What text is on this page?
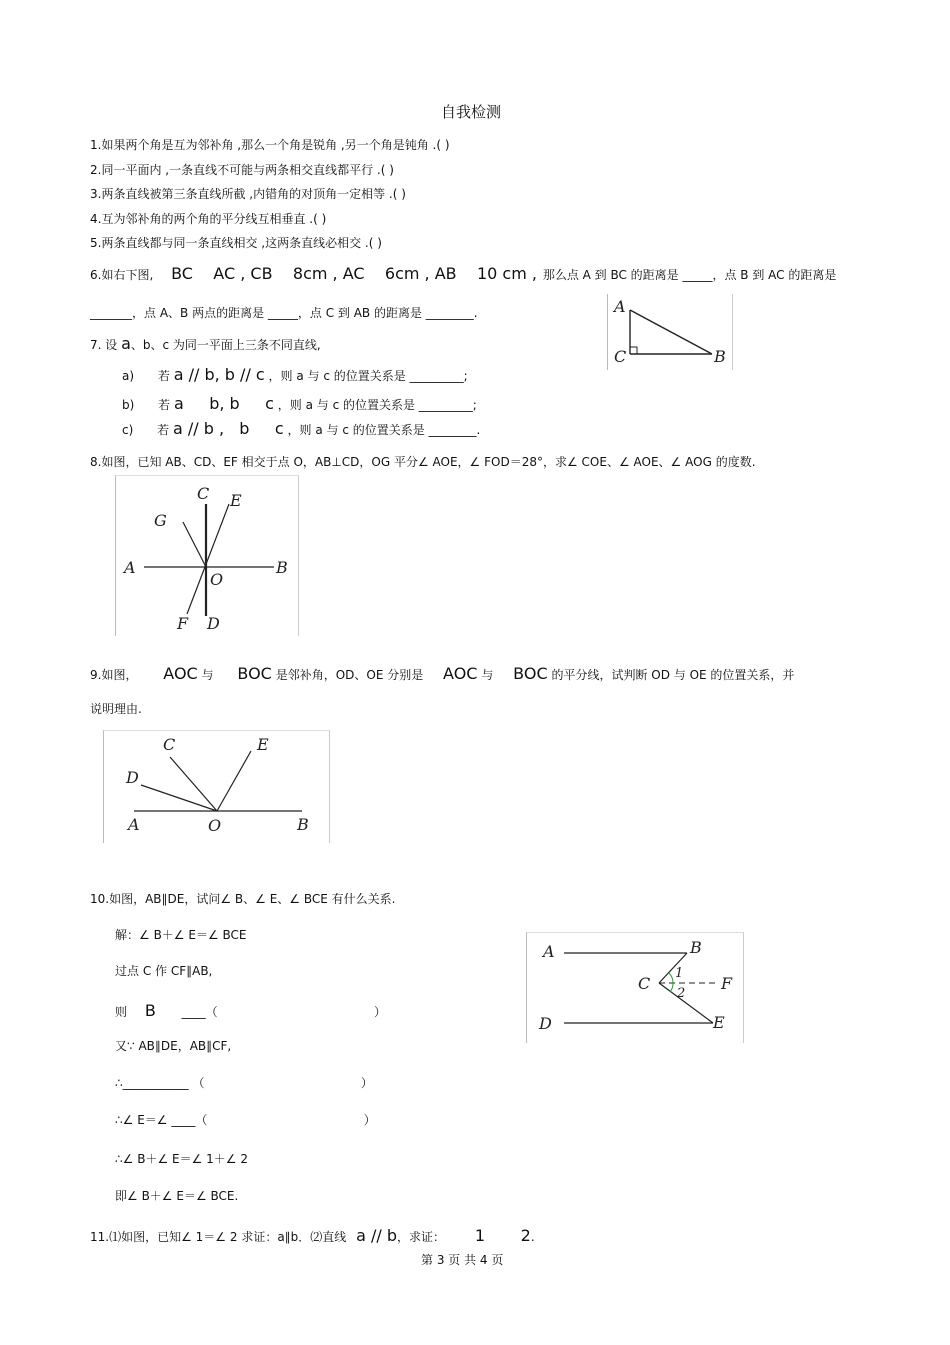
自我检测
1.如果两个角是互为邻补角 ,那么一个角是锐角 ,另一个角是钝角 .( )
2.同一平面内 ,一条直线不可能与两条相交直线都平行 .( )
3.两条直线被第三条直线所截 ,内错角的对顶角一定相等 .( )
4.互为邻补角的两个角的平分线互相垂直 .( )
5.两条直线都与同一条直线相交 ,这两条直线必相交 .( )
6.如右下图, BC    AC , CB    8cm , AC    6cm , AB    10 cm , 那么点 A 到 BC 的距离是 _____，点 B 到 AC 的距离是
_______，点 A、B 两点的距离是 _____，点 C 到 AB 的距离是 ________.	A
B
C
7. 设 a、b、c 为同一平面上三条不同直线,
a) 若 a // b, b // c ，则 a 与 c 的位置关系是 _________;
b) 若 a     b, b     c ，则 a 与 c 的位置关系是 _________;
c) 若 a // b ,   b     c ，则 a 与 c 的位置关系是 ________.
8.如图，已知 AB、CD、EF 相交于点 O，AB⊥CD，OG 平分∠ AOE，∠ FOD＝28°，求∠ COE、∠ AOE、∠ AOG 的度数.
C E
G
A	B
O
F D
9.如图， AOC 与 BOC 是邻补角，OD、OE 分别是 AOC 与 BOC 的平分线，试判断 OD 与 OE 的位置关系，并
说明理由.
C	E
D
A	O	B
10.如图，AB∥DE，试问∠ B、∠ E、∠ BCE 有什么关系.
解：∠ B＋∠ E＝∠ BCE
过点 C 作 CF∥AB,
则 B ____（                                         ）
又∵ AB∥DE，AB∥CF,
∴___________ （                                         ）
∴∠ E＝∠ ____（                                         ）
∴∠ B＋∠ E＝∠ 1＋∠ 2
即∠ B＋∠ E＝∠ BCE.
A	B
C	F
D	E
1
2
11.⑴如图，已知∠ 1＝∠ 2 求证：a∥b．⑵直线 a // b，求证： 1       2.
第 3 页 共 4 页
